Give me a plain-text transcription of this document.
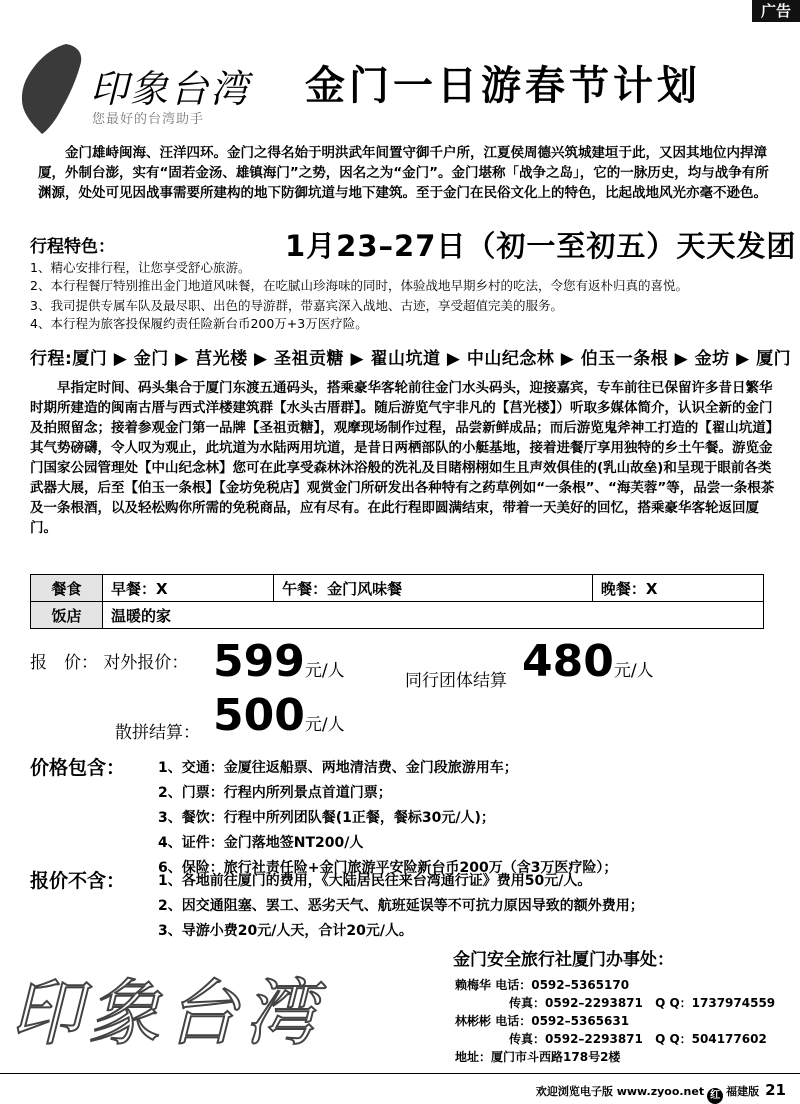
广告
印象台湾
您最好的台湾助手
金门一日游春节计划
金门雄峙闽海、汪洋四环。金门之得名始于明洪武年间置守御千户所，江夏侯周德兴筑城建垣于此，又因其地位内捍漳厦，外制台澎，实有“固若金汤、雄镇海门”之势，因名之为“金门”。金门堪称「战争之岛」，它的一脉历史，均与战争有所渊源，处处可见因战事需要所建构的地下防御坑道与地下建筑。至于金门在民俗文化上的特色，比起战地风光亦毫不逊色。
行程特色：	1月23–27日（初一至初五）天天发团
1、精心安排行程，让您享受舒心旅游。
2、本行程餐厅特别推出金门地道风味餐，在吃腻山珍海味的同时，体验战地早期乡村的吃法，令您有返朴归真的喜悦。
3、我司提供专属车队及最尽职、出色的导游群，带嘉宾深入战地、古迹，享受超值完美的服务。
4、本行程为旅客投保履约责任险新台币200万+3万医疗险。
行程:厦门 ▶ 金门 ▶ 莒光楼 ▶ 圣祖贡糖 ▶ 翟山坑道 ▶ 中山纪念林 ▶ 伯玉一条根 ▶ 金坊 ▶ 厦门
早指定时间、码头集合于厦门东渡五通码头，搭乘豪华客轮前往金门水头码头，迎接嘉宾，专车前往已保留许多昔日繁华时期所建造的闽南古厝与西式洋楼建筑群【水头古厝群】。随后游览气宇非凡的【莒光楼】）听取多媒体简介，认识全新的金门及拍照留念；接着参观金门第一品牌【圣祖贡糖】，观摩现场制作过程，品尝新鲜成品；而后游览鬼斧神工打造的【翟山坑道】其气势磅礴，令人叹为观止，此坑道为水陆两用坑道，是昔日两栖部队的小艇基地，接着进餐厅享用独特的乡土午餐。游览金门国家公园管理处【中山纪念林】您可在此享受森林沐浴般的洗礼及目睹栩栩如生且声效俱佳的(乳山故垒)和呈现于眼前各类武器大展，后至【伯玉一条根】【金坊免税店】观赏金门所研发出各种特有之药草例如“一条根”、“海芙蓉”等，品尝一条根茶及一条根酒，以及轻松购你所需的免税商品，应有尽有。在此行程即圆满结束，带着一天美好的回忆，搭乘豪华客轮返回厦门。
餐食	早餐：X	午餐：金门风味餐	晚餐：X
饭店	温暖的家		
报　价： 对外报价： 599元/人	同行团体结算 480元/人
散拼结算： 500元/人
价格包含： 1、交通：金厦往返船票、两地清洁费、金门段旅游用车；
2、门票：行程内所列景点首道门票；
3、餐饮：行程中所列团队餐(1正餐，餐标30元/人)；
4、证件：金门落地签NT200/人
6、保险：旅行社责任险+金门旅游平安险新台币200万（含3万医疗险）；
报价不含： 1、各地前往厦门的费用，《大陆居民往来台湾通行证》费用50元/人。
2、因交通阻塞、罢工、恶劣天气、航班延误等不可抗力原因导致的额外费用；
3、导游小费20元/人天，合计20元/人。
印象台湾
金门安全旅行社厦门办事处：
赖梅华 电话：0592–5365170
传真：0592–2293871 Q Q：1737974559
林彬彬 电话：0592–5365631
传真：0592–2293871 Q Q：504177602
地址：厦门市斗西路178号2楼
欢迎浏览电子版 www.zyoo.net 红 福建版 21
